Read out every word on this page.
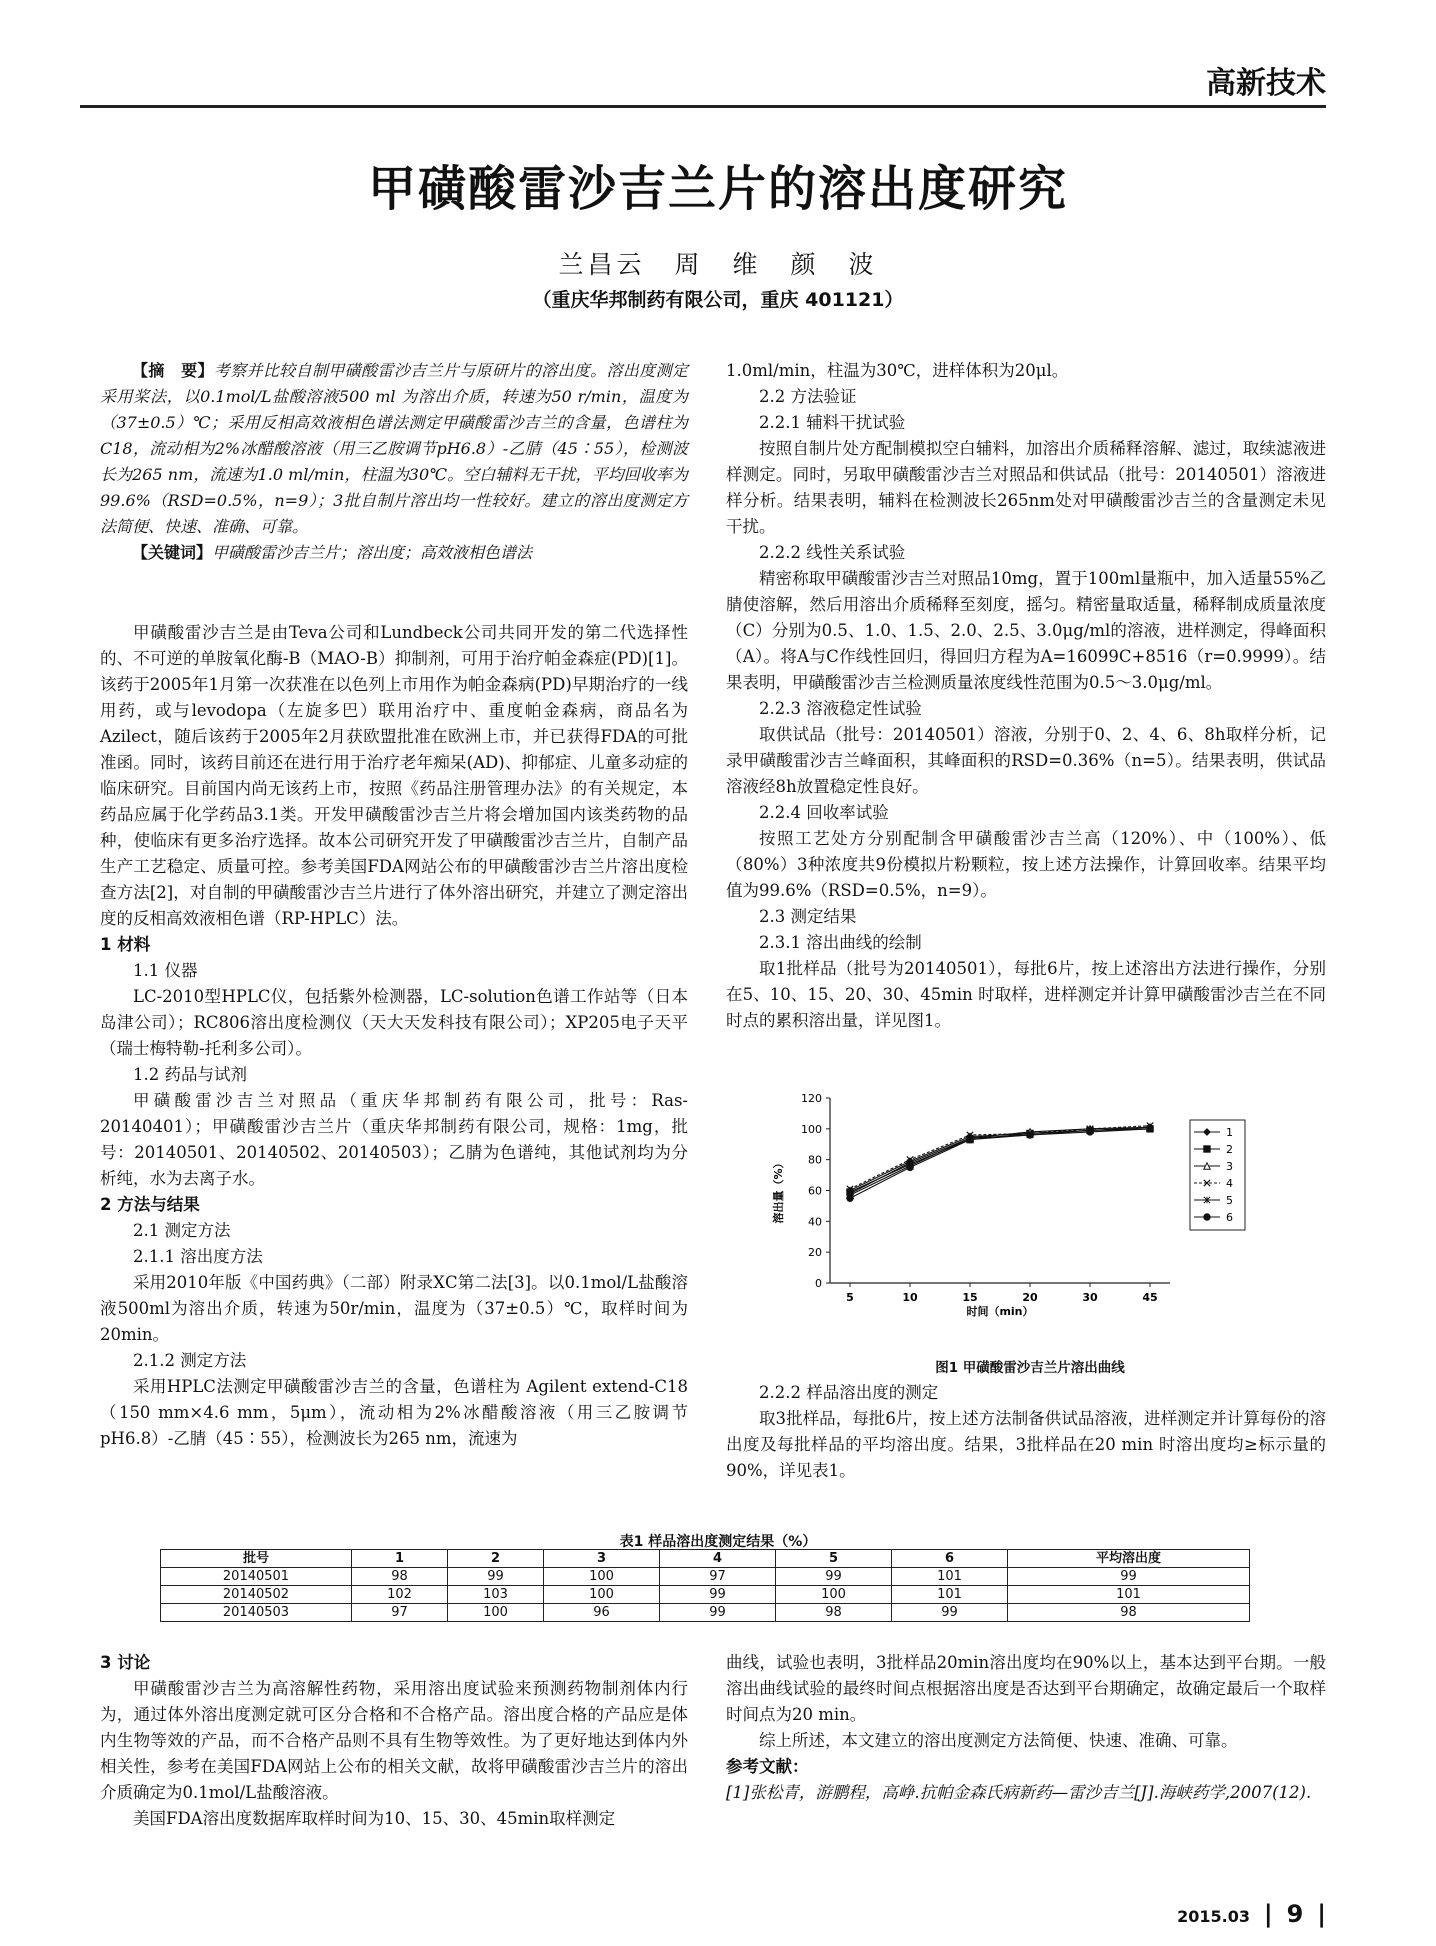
高新技术
甲磺酸雷沙吉兰片的溶出度研究
兰昌云　周　维　颜　波
（重庆华邦制药有限公司，重庆 401121）

【摘　要】考察并比较自制甲磺酸雷沙吉兰片与原研片的溶出度。溶出度测定采用桨法，以0.1mol/L盐酸溶液500 ml 为溶出介质，转速为50 r/min，温度为（37±0.5）℃；采用反相高效液相色谱法测定甲磺酸雷沙吉兰的含量，色谱柱为C18，流动相为2%冰醋酸溶液（用三乙胺调节pH6.8）-乙腈（45∶55），检测波长为265 nm，流速为1.0 ml/min，柱温为30℃。空白辅料无干扰，平均回收率为99.6%（RSD=0.5%，n=9）；3批自制片溶出均一性较好。建立的溶出度测定方法简便、快速、准确、可靠。

【关键词】甲磺酸雷沙吉兰片；溶出度；高效液相色谱法

甲磺酸雷沙吉兰是由Teva公司和Lundbeck公司共同开发的第二代选择性的、不可逆的单胺氧化酶-B（MAO-B）抑制剂，可用于治疗帕金森症(PD)[1]。该药于2005年1月第一次获准在以色列上市用作为帕金森病(PD)早期治疗的一线用药，或与levodopa（左旋多巴）联用治疗中、重度帕金森病，商品名为Azilect，随后该药于2005年2月获欧盟批准在欧洲上市，并已获得FDA的可批准函。同时，该药目前还在进行用于治疗老年痴呆(AD)、抑郁症、儿童多动症的临床研究。目前国内尚无该药上市，按照《药品注册管理办法》的有关规定，本药品应属于化学药品3.1类。开发甲磺酸雷沙吉兰片将会增加国内该类药物的品种，使临床有更多治疗选择。故本公司研究开发了甲磺酸雷沙吉兰片，自制产品生产工艺稳定、质量可控。参考美国FDA网站公布的甲磺酸雷沙吉兰片溶出度检查方法[2]，对自制的甲磺酸雷沙吉兰片进行了体外溶出研究，并建立了测定溶出度的反相高效液相色谱（RP-HPLC）法。

1 材料

1.1 仪器

LC-2010型HPLC仪，包括紫外检测器，LC-solution色谱工作站等（日本岛津公司）；RC806溶出度检测仪（天大天发科技有限公司）；XP205电子天平（瑞士梅特勒-托利多公司）。

1.2 药品与试剂

甲磺酸雷沙吉兰对照品（重庆华邦制药有限公司，批号：Ras-20140401）；甲磺酸雷沙吉兰片（重庆华邦制药有限公司，规格：1mg，批号：20140501、20140502、20140503）；乙腈为色谱纯，其他试剂均为分析纯，水为去离子水。

2 方法与结果

2.1 测定方法

2.1.1 溶出度方法

采用2010年版《中国药典》（二部）附录ⅩC第二法[3]。以0.1mol/L盐酸溶液500ml为溶出介质，转速为50r/min，温度为（37±0.5）℃，取样时间为20min。

2.1.2 测定方法

采用HPLC法测定甲磺酸雷沙吉兰的含量，色谱柱为 Agilent extend-C18（150 mm×4.6 mm，5μm），流动相为2%冰醋酸溶液（用三乙胺调节pH6.8）-乙腈（45∶55），检测波长为265 nm，流速为

1.0ml/min，柱温为30℃，进样体积为20μl。

2.2 方法验证

2.2.1 辅料干扰试验

按照自制片处方配制模拟空白辅料，加溶出介质稀释溶解、滤过，取续滤液进样测定。同时，另取甲磺酸雷沙吉兰对照品和供试品（批号：20140501）溶液进样分析。结果表明，辅料在检测波长265nm处对甲磺酸雷沙吉兰的含量测定未见干扰。

2.2.2 线性关系试验

精密称取甲磺酸雷沙吉兰对照品10mg，置于100ml量瓶中，加入适量55%乙腈使溶解，然后用溶出介质稀释至刻度，摇匀。精密量取适量，稀释制成质量浓度（C）分别为0.5、1.0、1.5、2.0、2.5、3.0μg/ml的溶液，进样测定，得峰面积（A）。将A与C作线性回归，得回归方程为A=16099C+8516（r=0.9999）。结果表明，甲磺酸雷沙吉兰检测质量浓度线性范围为0.5～3.0μg/ml。

2.2.3 溶液稳定性试验

取供试品（批号：20140501）溶液，分别于0、2、4、6、8h取样分析，记录甲磺酸雷沙吉兰峰面积，其峰面积的RSD=0.36%（n=5）。结果表明，供试品溶液经8h放置稳定性良好。

2.2.4 回收率试验

按照工艺处方分别配制含甲磺酸雷沙吉兰高（120%）、中（100%）、低（80%）3种浓度共9份模拟片粉颗粒，按上述方法操作，计算回收率。结果平均值为99.6%（RSD=0.5%，n=9）。

2.3 测定结果

2.3.1 溶出曲线的绘制

取1批样品（批号为20140501），每批6片，按上述溶出方法进行操作，分别在5、10、15、20、30、45min 时取样，进样测定并计算甲磺酸雷沙吉兰在不同时点的累积溶出量，详见图1。

0
20
40
60
80
100
120
5	10	15	20	30	45
时间（min）
溶出量（%）
1
2
3
4
5
6
图1 甲磺酸雷沙吉兰片溶出曲线

2.2.2 样品溶出度的测定

取3批样品，每批6片，按上述方法制备供试品溶液，进样测定并计算每份的溶出度及每批样品的平均溶出度。结果，3批样品在20 min 时溶出度均≥标示量的90%，详见表1。

表1 样品溶出度测定结果（%）
批号	1	2	3	4	5	6	平均溶出度
20140501	98	99	100	97	99	101	99
20140502	102	103	100	99	100	101	101
20140503	97	100	96	99	98	99	98

3 讨论

甲磺酸雷沙吉兰为高溶解性药物，采用溶出度试验来预测药物制剂体内行为，通过体外溶出度测定就可区分合格和不合格产品。溶出度合格的产品应是体内生物等效的产品，而不合格产品则不具有生物等效性。为了更好地达到体内外相关性，参考在美国FDA网站上公布的相关文献，故将甲磺酸雷沙吉兰片的溶出介质确定为0.1mol/L盐酸溶液。

美国FDA溶出度数据库取样时间为10、15、30、45min取样测定

曲线，试验也表明，3批样品20min溶出度均在90%以上，基本达到平台期。一般溶出曲线试验的最终时间点根据溶出度是否达到平台期确定，故确定最后一个取样时间点为20 min。

综上所述，本文建立的溶出度测定方法简便、快速、准确、可靠。

参考文献：

[1]张松青，游鹏程，高峥.抗帕金森氏病新药—雷沙吉兰[J].海峡药学,2007(12).

2015.03  |  9  |
